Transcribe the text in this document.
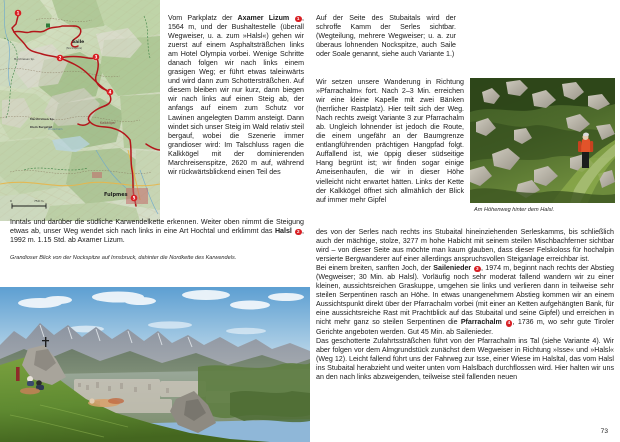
Saile
(Nockspitze)
Marchreisen Sp.
Kalkkögel
Marchreisen Sp.
Klein Burgstall
Fulpmes
Pfarrachalm
1
2	3
4
5
0	750 m

Vom Parkplatz der Axamer Lizum 1 , 1564 m, und der Bushaltestelle (überall Wegweiser, u. a. zum »Halsl«) gehen wir zuerst auf einem Asphaltsträßchen links am Hotel Olympia vorbei. Wenige Schritte danach folgen wir nach links einem grasigen Weg; er führt etwas taleinwärts und wird dann zum Schottersträßchen. Auf diesem bleiben wir nur kurz, dann biegen wir nach links auf einen Steig ab, der anfangs auf einem zum Schutz vor Lawinen angelegten Damm ansteigt. Dann windet sich unser Steig im Wald relativ steil bergauf, wobei die Szenerie immer grandioser wird: Im Talschluss ragen die Kalkkögel mit der dominierenden Marchreisenspitze, 2620 m auf, während wir rückwärtsblickend einen Teil des

Auf der Seite des Stubaitals wird der schroffe Kamm der Serles sichtbar. (Wegteilung, mehrere Wegweiser; u. a. zur überaus lohnenden Nockspitze, auch Saile oder Soale genannt, siehe auch Variante 1.)

Wir setzen unsere Wanderung in Richtung »Pfarrachalm« fort. Nach 2–3 Min. erreichen wir eine kleine Kapelle mit zwei Bänken (herrlicher Rastplatz). Hier teilt sich der Weg. Nach rechts zweigt Variante 3 zur Pfarrachalm ab. Ungleich lohnender ist jedoch die Route, die einem ungefähr an der Baumgrenze entlangführenden prächtigen Hangpfad folgt. Auffallend ist, wie üppig dieser südseitige Hang begrünt ist; wir finden sogar einige Ameisenhaufen, die wir in dieser Höhe vielleicht nicht erwartet hätten. Links der Kette der Kalkkögel öffnet sich allmählich der Blick auf immer mehr Gipfel

Am Höhenweg hinter dem Halsl.

Inntals und darüber die südliche Karwendelkette erkennen. Weiter oben nimmt die Steigung etwas ab, unser Weg wendet sich nach links in eine Art Hochtal und erklimmt das Halsl 2 , 1992 m. 1.15 Std. ab Axamer Lizum.

Grandioser Blick von der Nockspitze auf Innsbruck, dahinter die Nordkette des Karwendels.

des von der Serles nach rechts ins Stubaital hineinziehenden Serleskamms, bis schließlich auch der mächtige, stolze, 3277 m hohe Habicht mit seinem steilen Mischbachferner sichtbar wird – von dieser Seite aus möchte man kaum glauben, dass dieser Felskoloss für hochalpin versierte Bergwanderer auf einer allerdings anspruchsvollen Steiganlage erreichbar ist.

Bei einem breiten, sanften Joch, der Sailenieder 3 , 1974 m, beginnt nach rechts der Abstieg (Wegweiser; 30 Min. ab Halsl). Vorläufig noch sehr moderat fallend wandern wir zu einer kleinen, aussichtsreichen Graskuppe, umgehen sie links und verlieren dann in teilweise sehr steilen Serpentinen rasch an Höhe. In etwas unangenehmem Abstieg kommen wir an einem Aussichtspunkt direkt über der Pfarrachalm vorbei (mit einer an Ketten aufgehängten Bank, für eine aussichtsreiche Rast mit Prachtblick auf das Stubaital und seine Gipfel) und erreichen in nicht mehr ganz so steilen Serpentinen die Pfarrachalm 4 , 1736 m, wo sehr gute Tiroler Gerichte angeboten werden. Gut 45 Min. ab Sailenieder.

Das geschotterte Zufahrtssträßchen führt von der Pfarrachalm ins Tal (siehe Variante 4). Wir aber folgen vor dem Almgrundstück zunächst dem Wegweiser in Richtung »Isse« und »Halsl« (Weg 12). Leicht fallend führt uns der Fahrweg zur Isse, einer Wiese im Halsltal, das vom Halsl ins Stubaital herabzieht und weiter unten vom Halslbach durchflossen wird. Hier halten wir uns an den nach links abzweigenden, teilweise steil fallenden neuen

73
